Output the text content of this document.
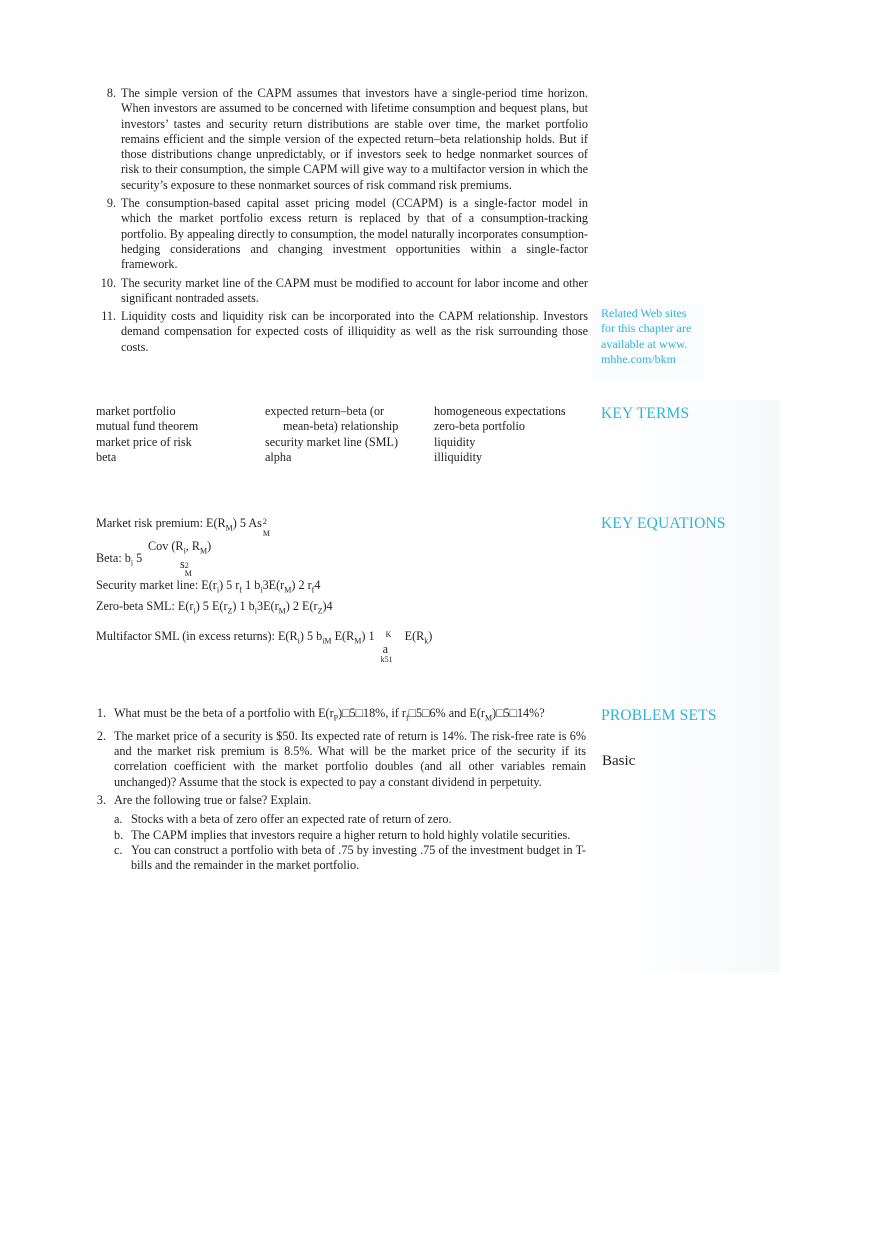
8. The simple version of the CAPM assumes that investors have a single-period time horizon. When investors are assumed to be concerned with lifetime consumption and bequest plans, but investors’ tastes and security return distributions are stable over time, the market portfolio remains efficient and the simple version of the expected return–beta relationship holds. But if those distributions change unpredictably, or if investors seek to hedge nonmarket sources of risk to their consumption, the simple CAPM will give way to a multifactor version in which the security’s exposure to these nonmarket sources of risk command risk premiums.
9. The consumption-based capital asset pricing model (CCAPM) is a single-factor model in which the market portfolio excess return is replaced by that of a consumption-tracking portfolio. By appealing directly to consumption, the model naturally incorporates consumption-hedging considerations and changing investment opportunities within a single-factor framework.
10. The security market line of the CAPM must be modified to account for labor income and other significant nontraded assets.
11. Liquidity costs and liquidity risk can be incorporated into the CAPM relationship. Investors demand compensation for expected costs of illiquidity as well as the risk surrounding those costs.
Related Web sites
for this chapter are
available at www.
mhhe.com/bkm
KEY TERMS
market portfolio
mutual fund theorem
market price of risk
beta
expected return–beta (or
mean-beta) relationship
security market line (SML)
alpha
homogeneous expectations
zero-beta portfolio
liquidity
illiquidity
KEY EQUATIONS
Market risk premium: $E(R_M)$ 5 As 2
M
Beta: $b_i$ 5
Cov ($R_i$, $R_M$)
s 2
M
Security market line: $E(r_i)$ 5 $r_f$ 1 $b_i3E(r_M)$ 2 $r_f4$
Zero-beta SML: $E(r_i)$ 5 $E(r_Z)$ 1 $b_i3E(r_M)$ 2 $E(r_Z)4$
Multifactor SML (in excess returns): $E(R_i)$ 5 $b_{iM}$ $E(R_M)$ 1 K
a
k51
$E(R_k)$
PROBLEM SETS
Basic
1. What must be the beta of a portfolio with $E(r_P)□5□18\%$, if $r_f□5□6\%$ and $E(r_M)□5□14\%$?
2. The market price of a security is $50. Its expected rate of return is 14%. The risk-free rate is 6% and the market risk premium is 8.5%. What will be the market price of the security if its correlation coefficient with the market portfolio doubles (and all other variables remain unchanged)? Assume that the stock is expected to pay a constant dividend in perpetuity.
3. Are the following true or false? Explain.
a. Stocks with a beta of zero offer an expected rate of return of zero.
b. The CAPM implies that investors require a higher return to hold highly volatile securities.
c. You can construct a portfolio with beta of .75 by investing .75 of the investment budget in T-bills and the remainder in the market portfolio.
